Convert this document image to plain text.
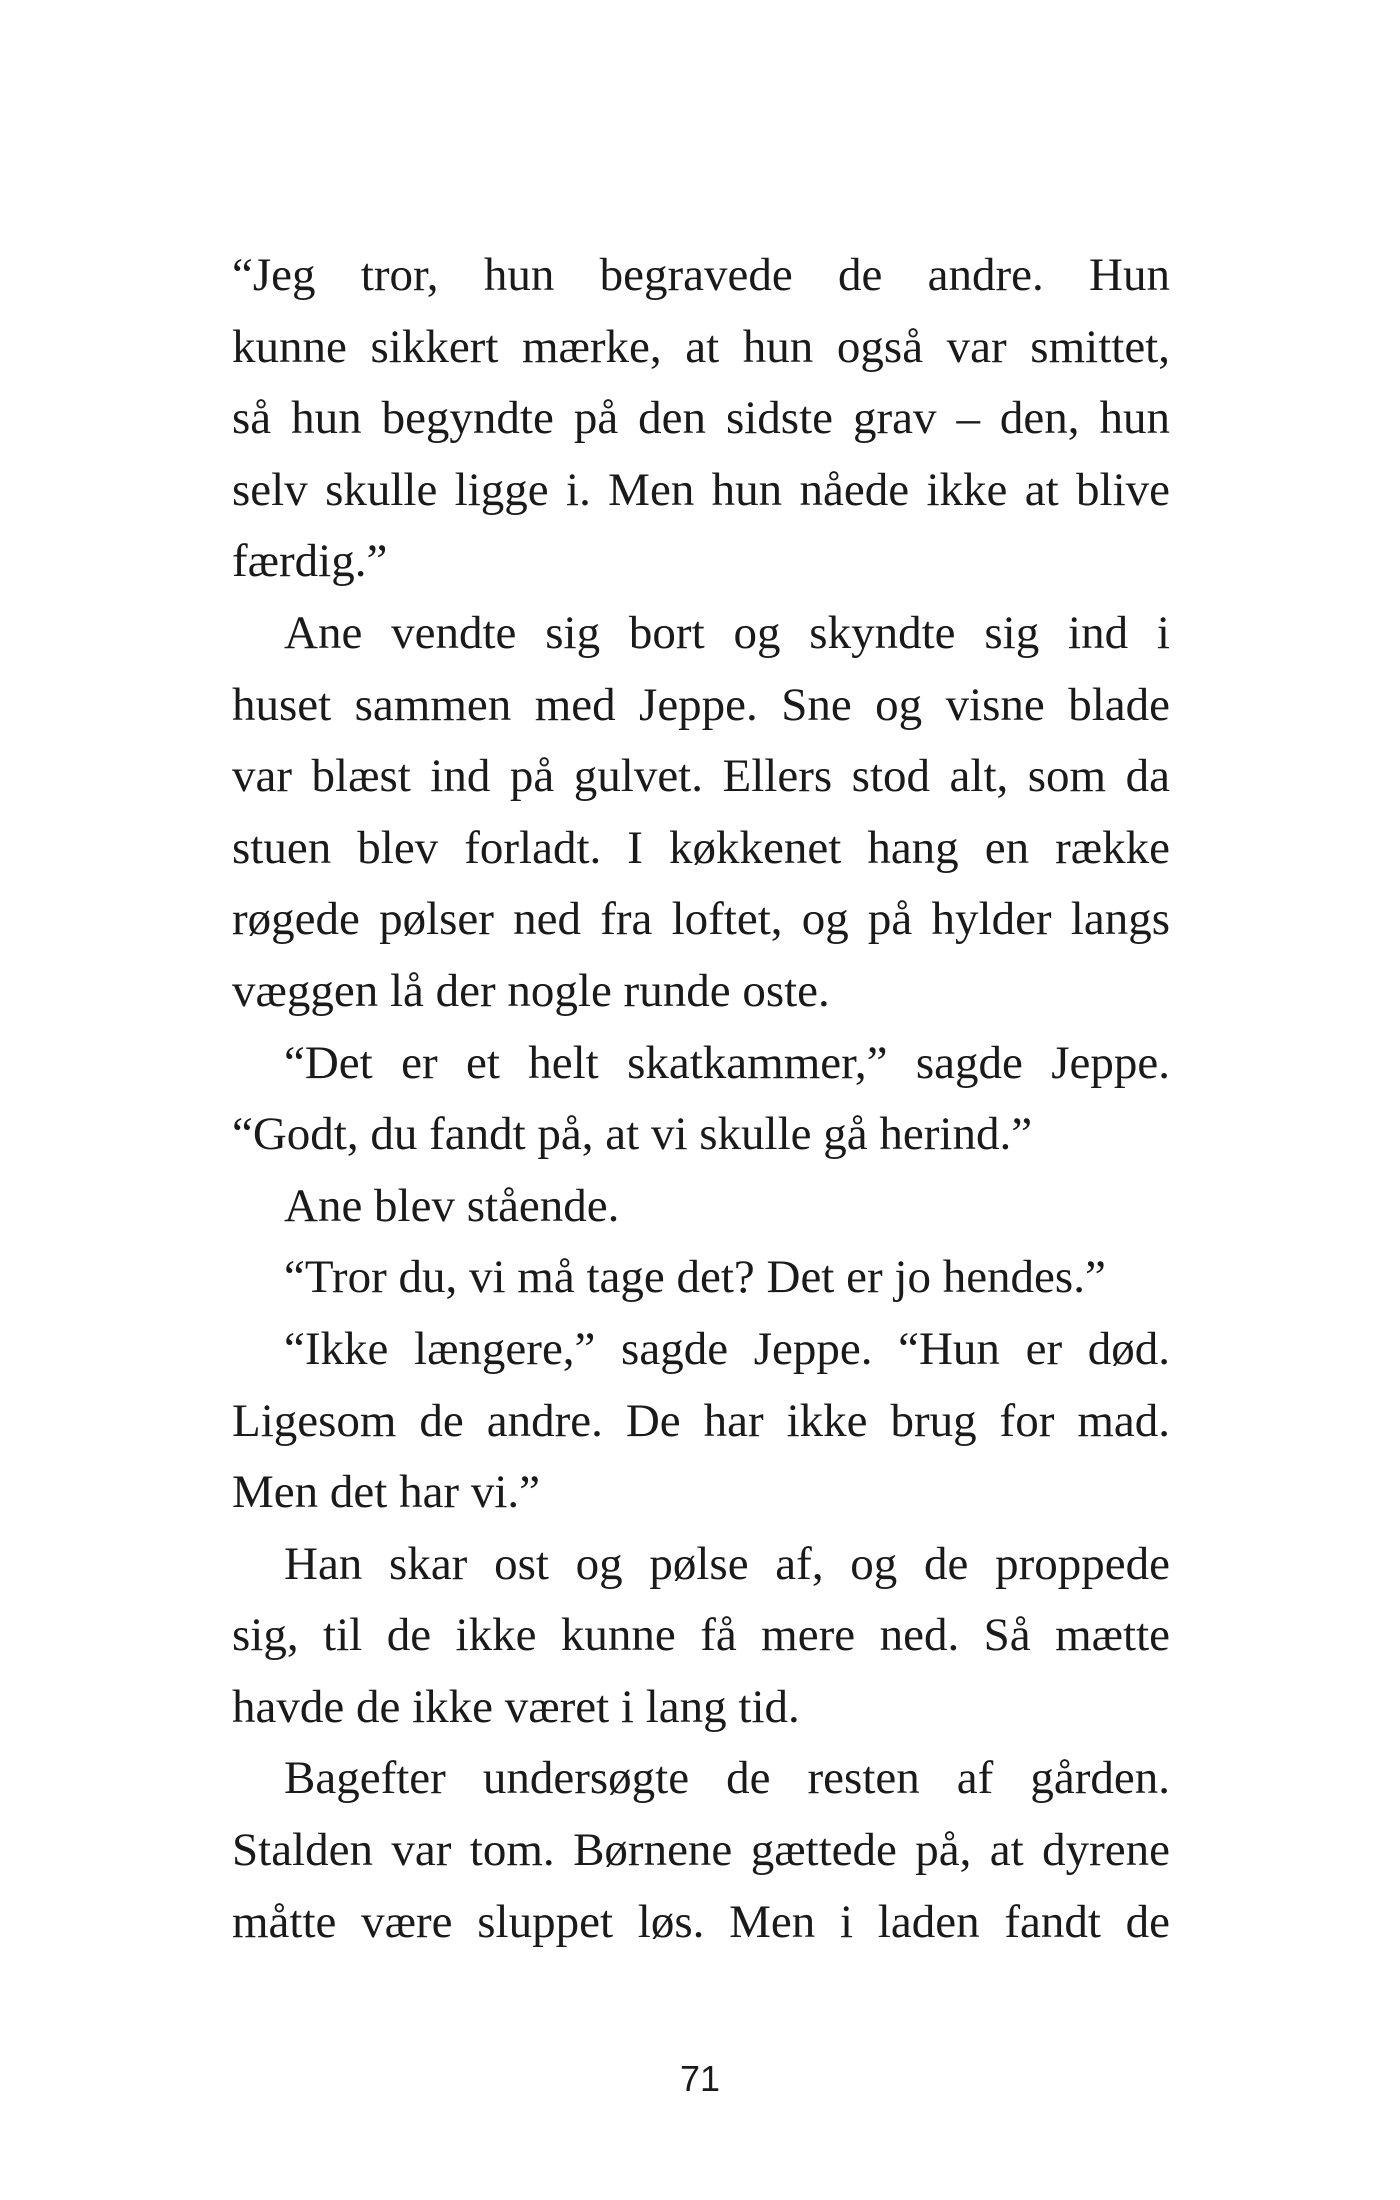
“Jeg tror, hun begravede de andre. Hun
kunne sikkert mærke, at hun også var smittet,
så hun begyndte på den sidste grav – den, hun
selv skulle ligge i. Men hun nåede ikke at blive
færdig.”
Ane vendte sig bort og skyndte sig ind i
huset sammen med Jeppe. Sne og visne blade
var blæst ind på gulvet. Ellers stod alt, som da
stuen blev forladt. I køkkenet hang en række
røgede pølser ned fra loftet, og på hylder langs
væggen lå der nogle runde oste.
“Det er et helt skatkammer,” sagde Jeppe.
“Godt, du fandt på, at vi skulle gå herind.”
Ane blev stående.
“Tror du, vi må tage det? Det er jo hendes.”
“Ikke længere,” sagde Jeppe. “Hun er død.
Ligesom de andre. De har ikke brug for mad.
Men det har vi.”
Han skar ost og pølse af, og de proppede
sig, til de ikke kunne få mere ned. Så mætte
havde de ikke været i lang tid.
Bagefter undersøgte de resten af gården.
Stalden var tom. Børnene gættede på, at dyrene
måtte være sluppet løs. Men i laden fandt de
71
